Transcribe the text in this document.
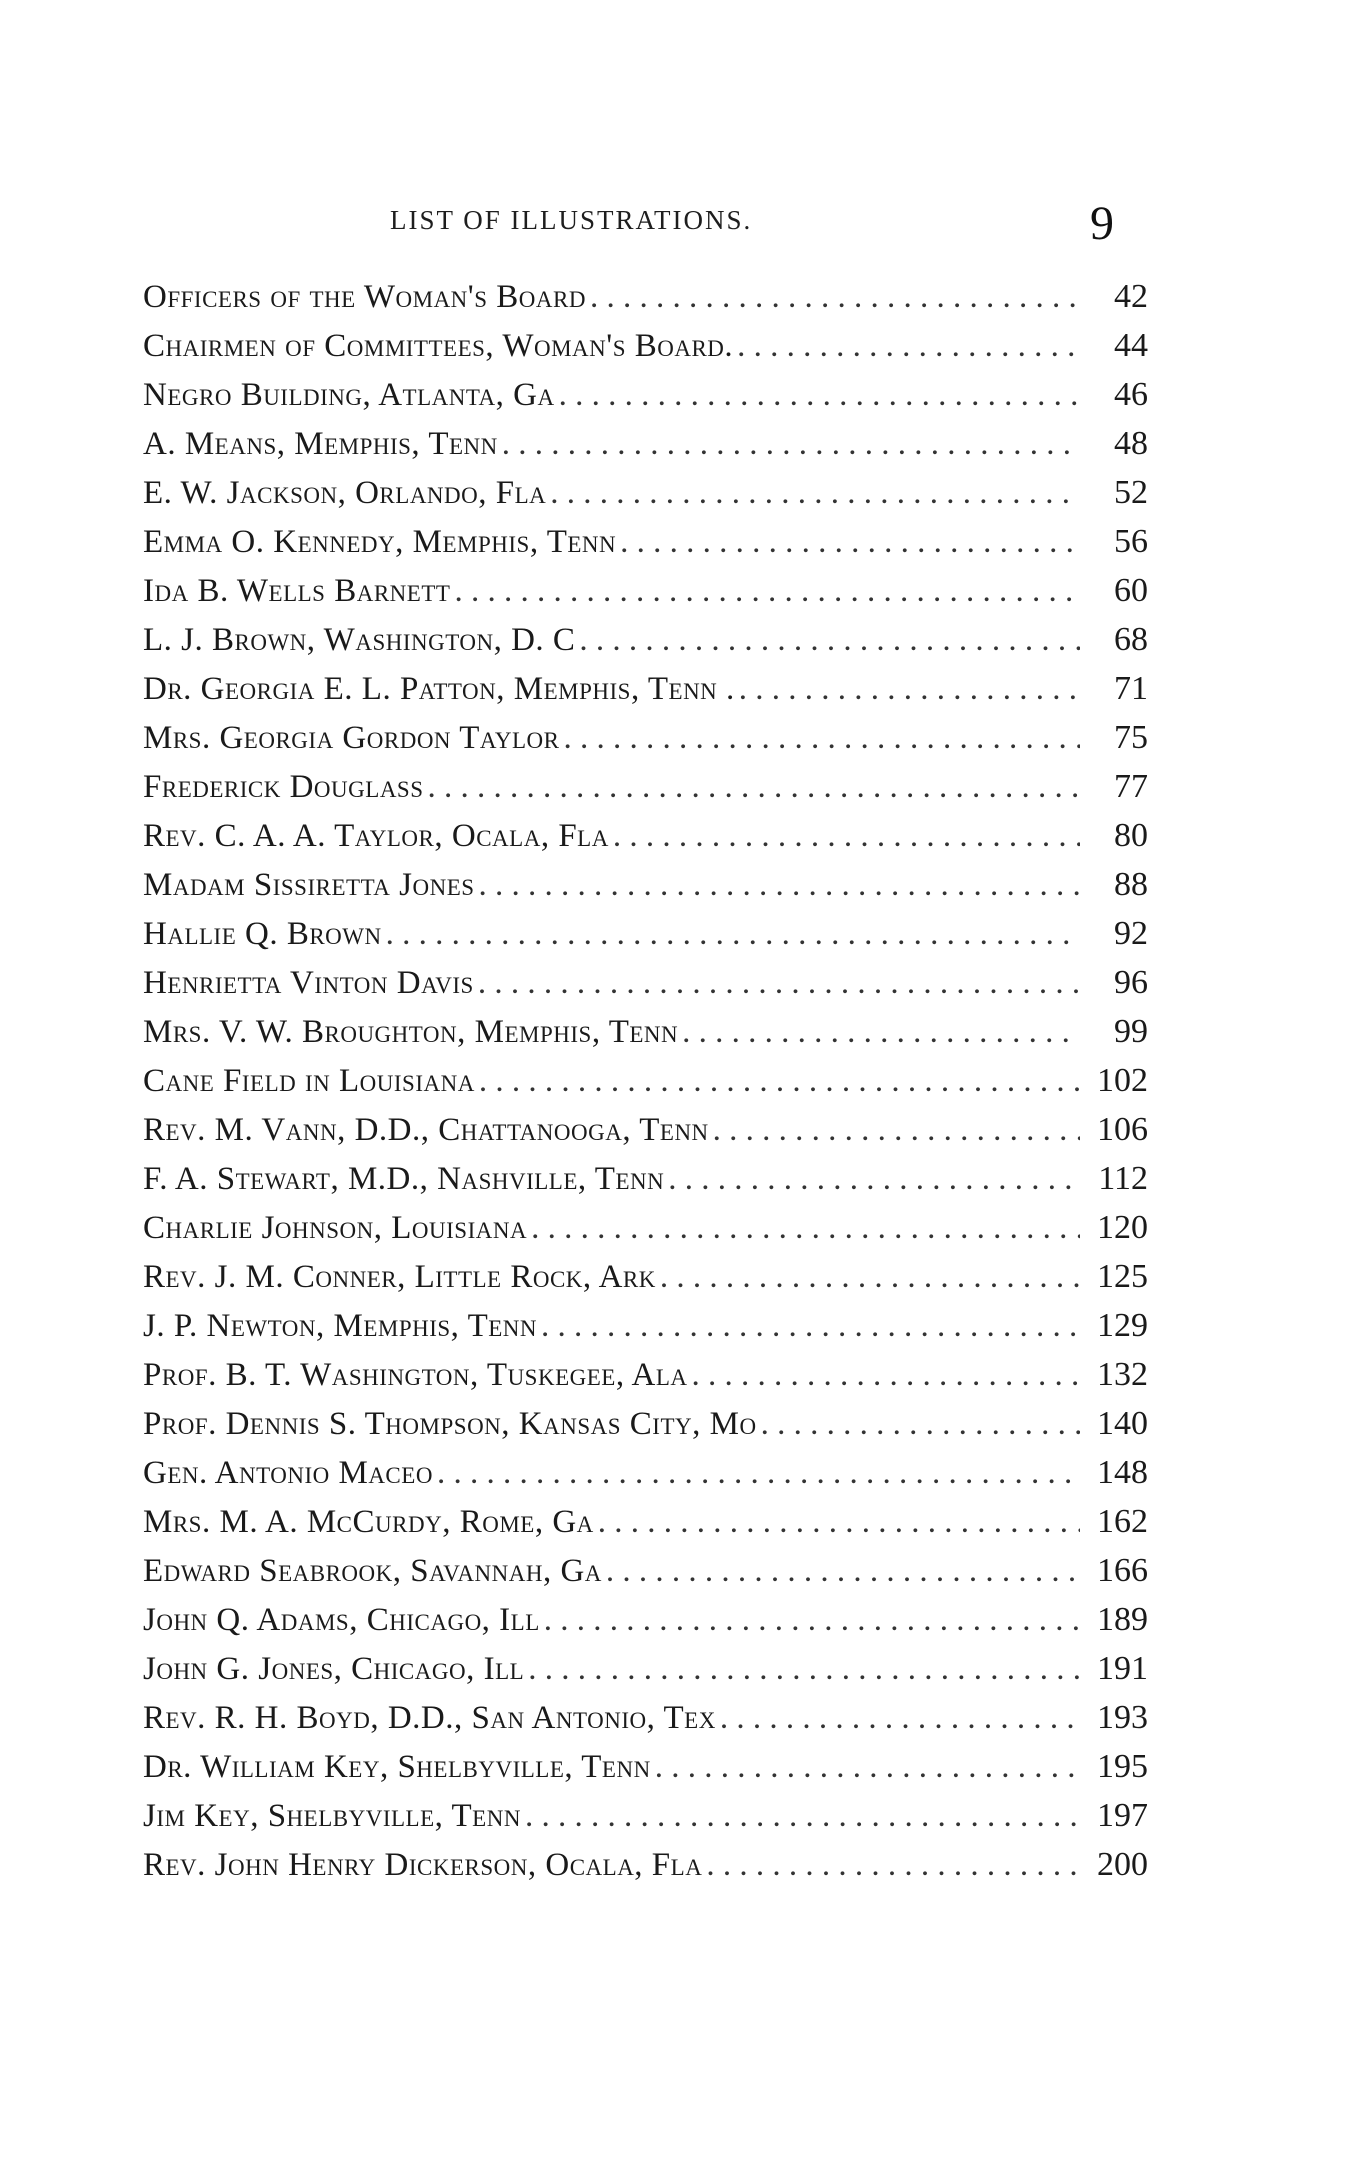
LIST OF ILLUSTRATIONS.	9
Officers of the Woman's Board . . .	42
Chairmen of Committees, Woman's Board. . . .	44
Negro Building, Atlanta, Ga . . .	46
A. Means, Memphis, Tenn . . .	48
E. W. Jackson, Orlando, Fla . . .	52
Emma O. Kennedy, Memphis, Tenn . . .	56
Ida B. Wells Barnett . . .	60
L. J. Brown, Washington, D. C . . .	68
Dr. Georgia E. L. Patton, Memphis, Tenn . . . .	71
Mrs. Georgia Gordon Taylor . . .	75
Frederick Douglass . . .	77
Rev. C. A. A. Taylor, Ocala, Fla . . .	80
Madam Sissiretta Jones . . .	88
Hallie Q. Brown . . .	92
Henrietta Vinton Davis . . .	96
Mrs. V. W. Broughton, Memphis, Tenn . . .	99
Cane Field in Louisiana . . .	102
Rev. M. Vann, D.D., Chattanooga, Tenn . . .	106
F. A. Stewart, M.D., Nashville, Tenn . . .	112
Charlie Johnson, Louisiana . . .	120
Rev. J. M. Conner, Little Rock, Ark . . .	125
J. P. Newton, Memphis, Tenn . . .	129
Prof. B. T. Washington, Tuskegee, Ala . . .	132
Prof. Dennis S. Thompson, Kansas City, Mo . . .	140
Gen. Antonio Maceo . . .	148
Mrs. M. A. McCurdy, Rome, Ga . . .	162
Edward Seabrook, Savannah, Ga . . .	166
John Q. Adams, Chicago, Ill . . .	189
John G. Jones, Chicago, Ill . . .	191
Rev. R. H. Boyd, D.D., San Antonio, Tex . . .	193
Dr. William Key, Shelbyville, Tenn . . .	195
Jim Key, Shelbyville, Tenn . . .	197
Rev. John Henry Dickerson, Ocala, Fla . . .	200
